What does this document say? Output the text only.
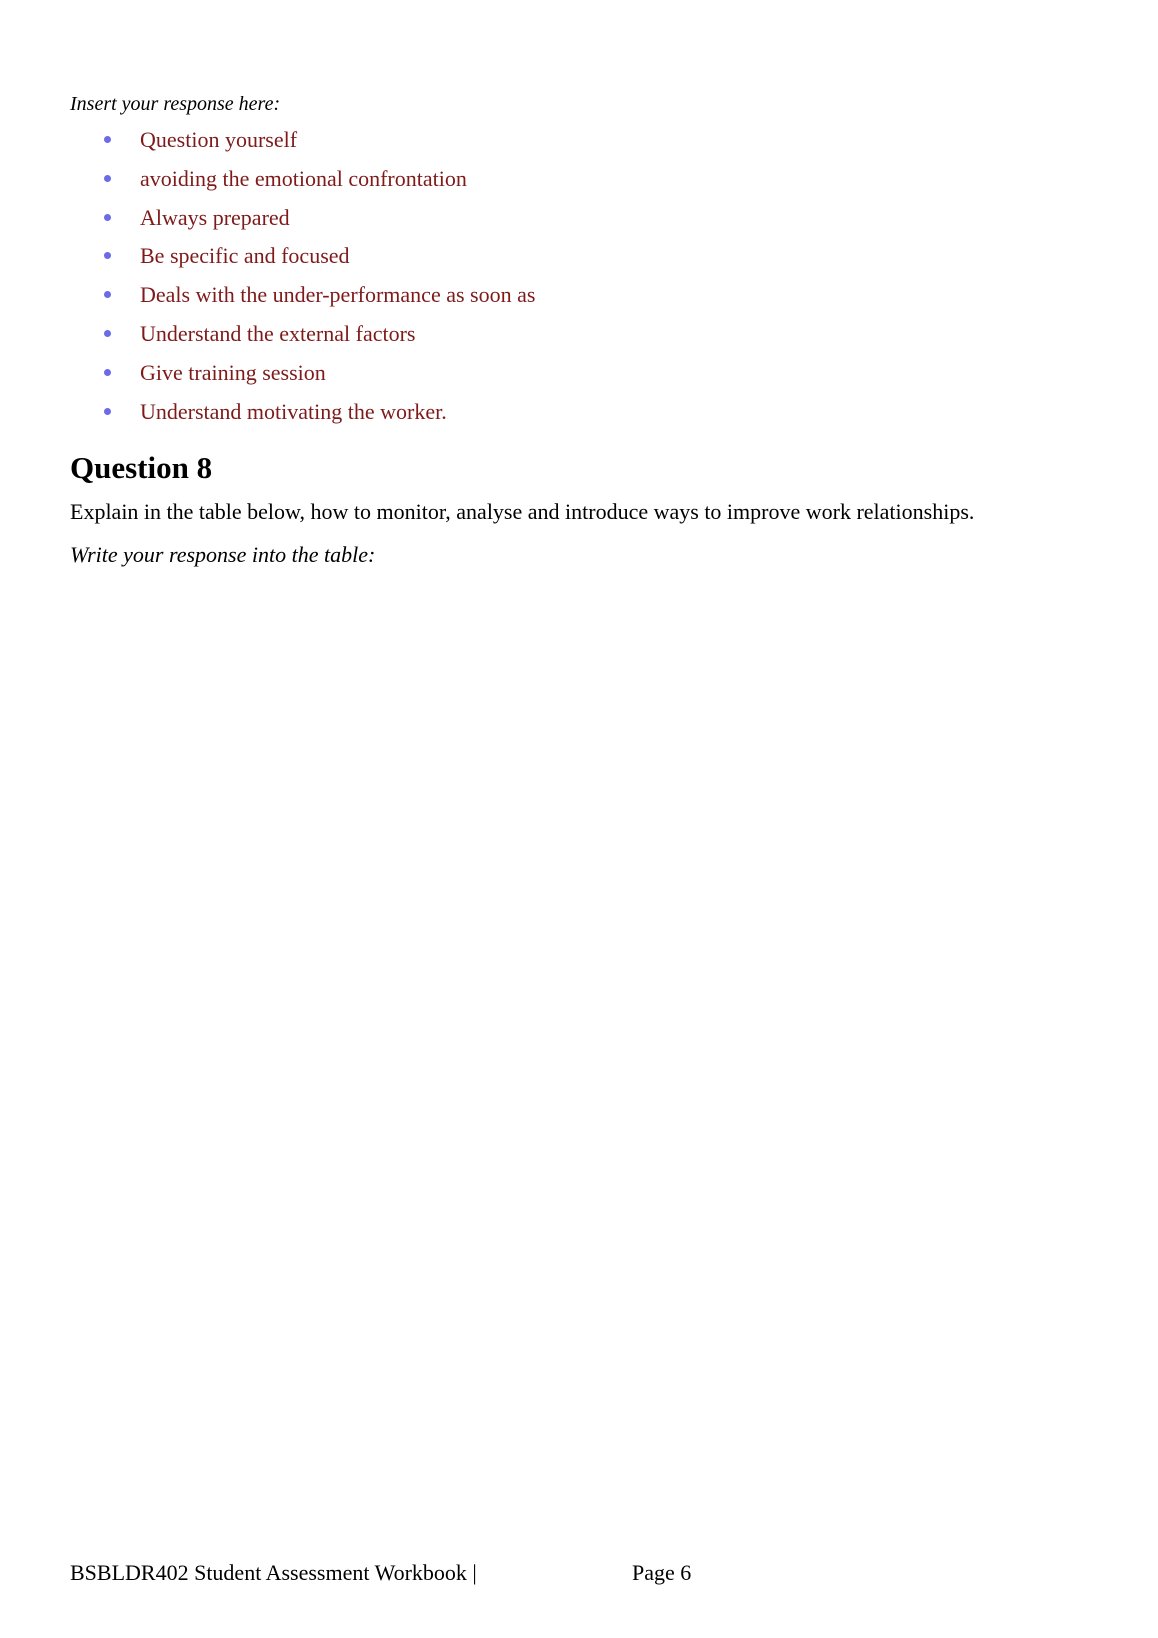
Insert your response here:
Question yourself
avoiding the emotional confrontation
Always prepared
Be specific and focused
Deals with the under-performance as soon as
Understand the external factors
Give training session
Understand motivating the worker.
Question 8
Explain in the table below, how to monitor, analyse and introduce ways to improve work relationships.
Write your response into the table:
BSBLDR402 Student Assessment Workbook |	Page 6
